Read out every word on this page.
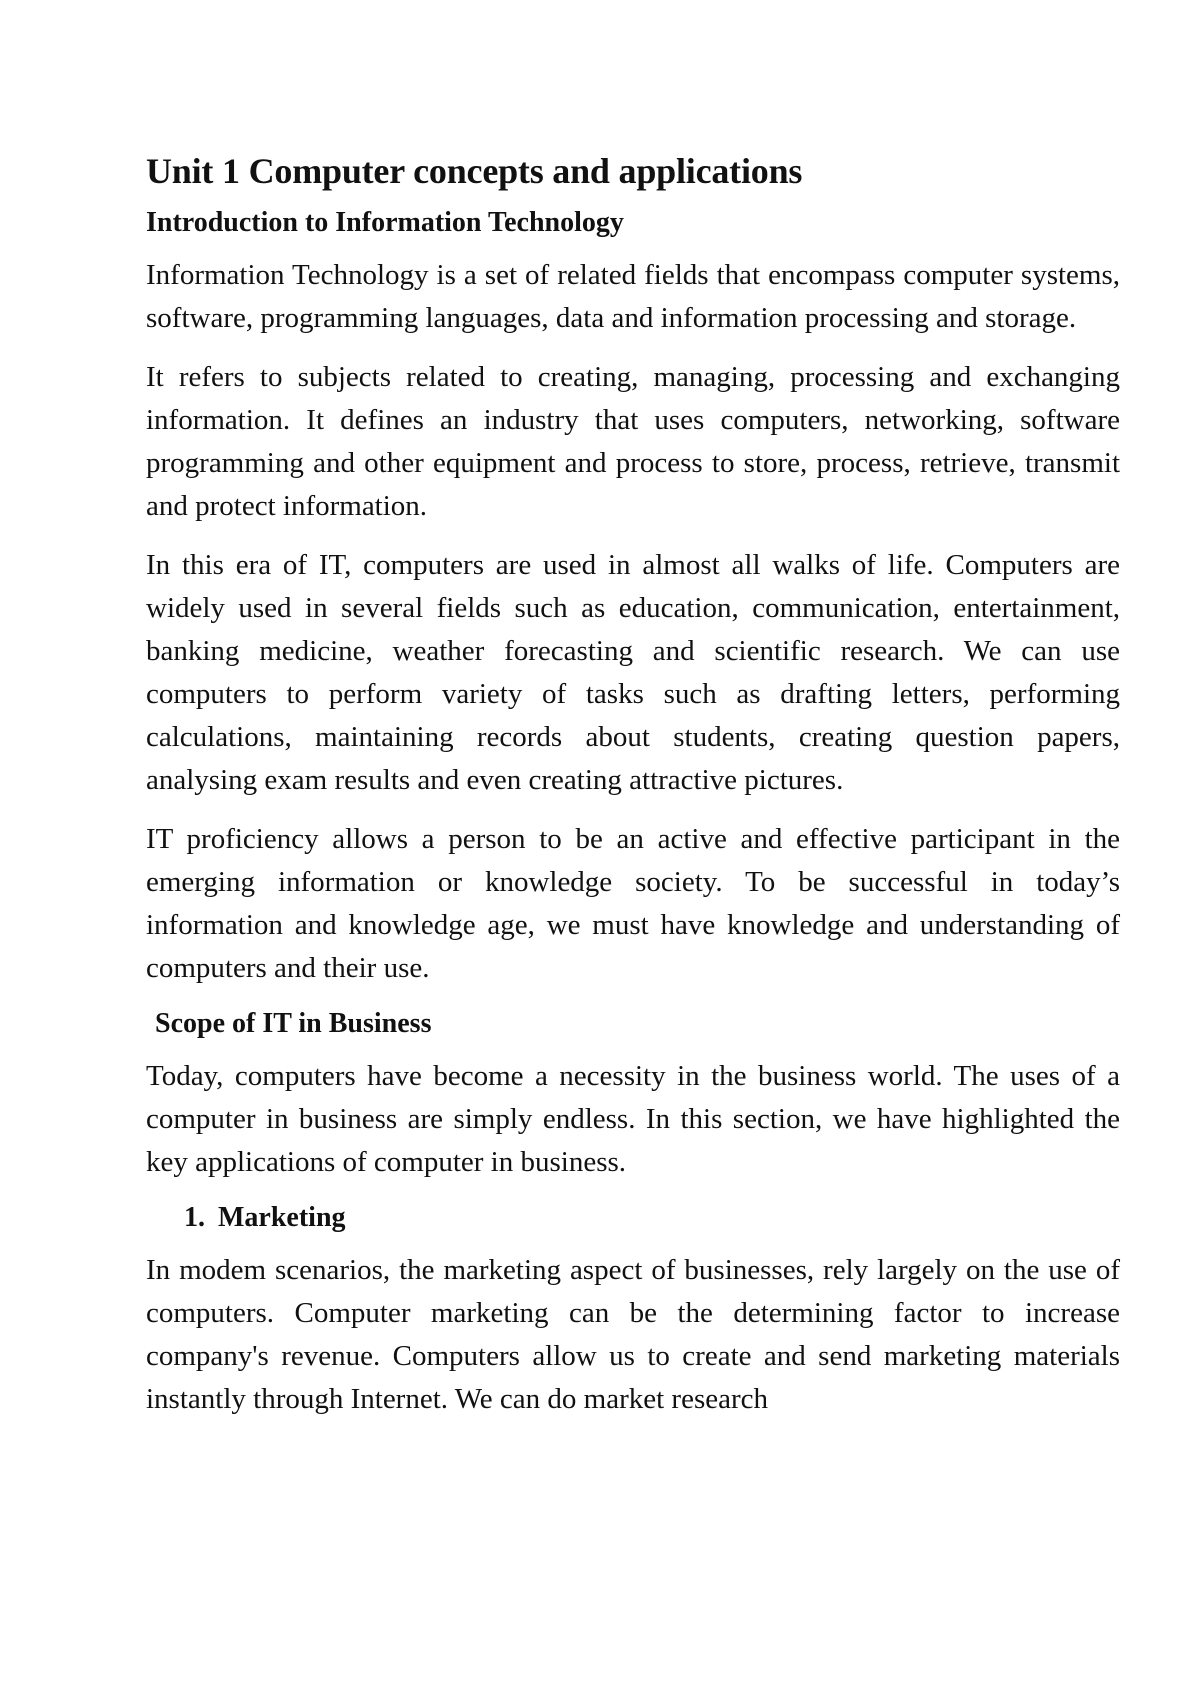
Unit 1 Computer concepts and applications
Introduction to Information Technology

Information Technology is a set of related fields that encompass computer systems, software, programming languages, data and information processing and storage.

It refers to subjects related to creating, managing, processing and exchanging information. It defines an industry that uses computers, networking, software programming and other equipment and process to store, process, retrieve, transmit and protect information.

In this era of IT, computers are used in almost all walks of life. Computers are widely used in several fields such as education, communication, entertainment, banking medicine, weather forecasting and scientific research. We can use computers to perform variety of tasks such as drafting letters, performing calculations, maintaining records about students, creating question papers, analysing exam results and even creating attractive pictures.

IT proficiency allows a person to be an active and effective participant in the emerging information or knowledge society. To be successful in today’s information and knowledge age, we must have knowledge and understanding of computers and their use.

Scope of IT in Business

Today, computers have become a necessity in the business world. The uses of a computer in business are simply endless. In this section, we have highlighted the key applications of computer in business.

1. Marketing

In modem scenarios, the marketing aspect of businesses, rely largely on the use of computers. Computer marketing can be the determining factor to increase company's revenue. Computers allow us to create and send marketing materials instantly through Internet. We can do market research
